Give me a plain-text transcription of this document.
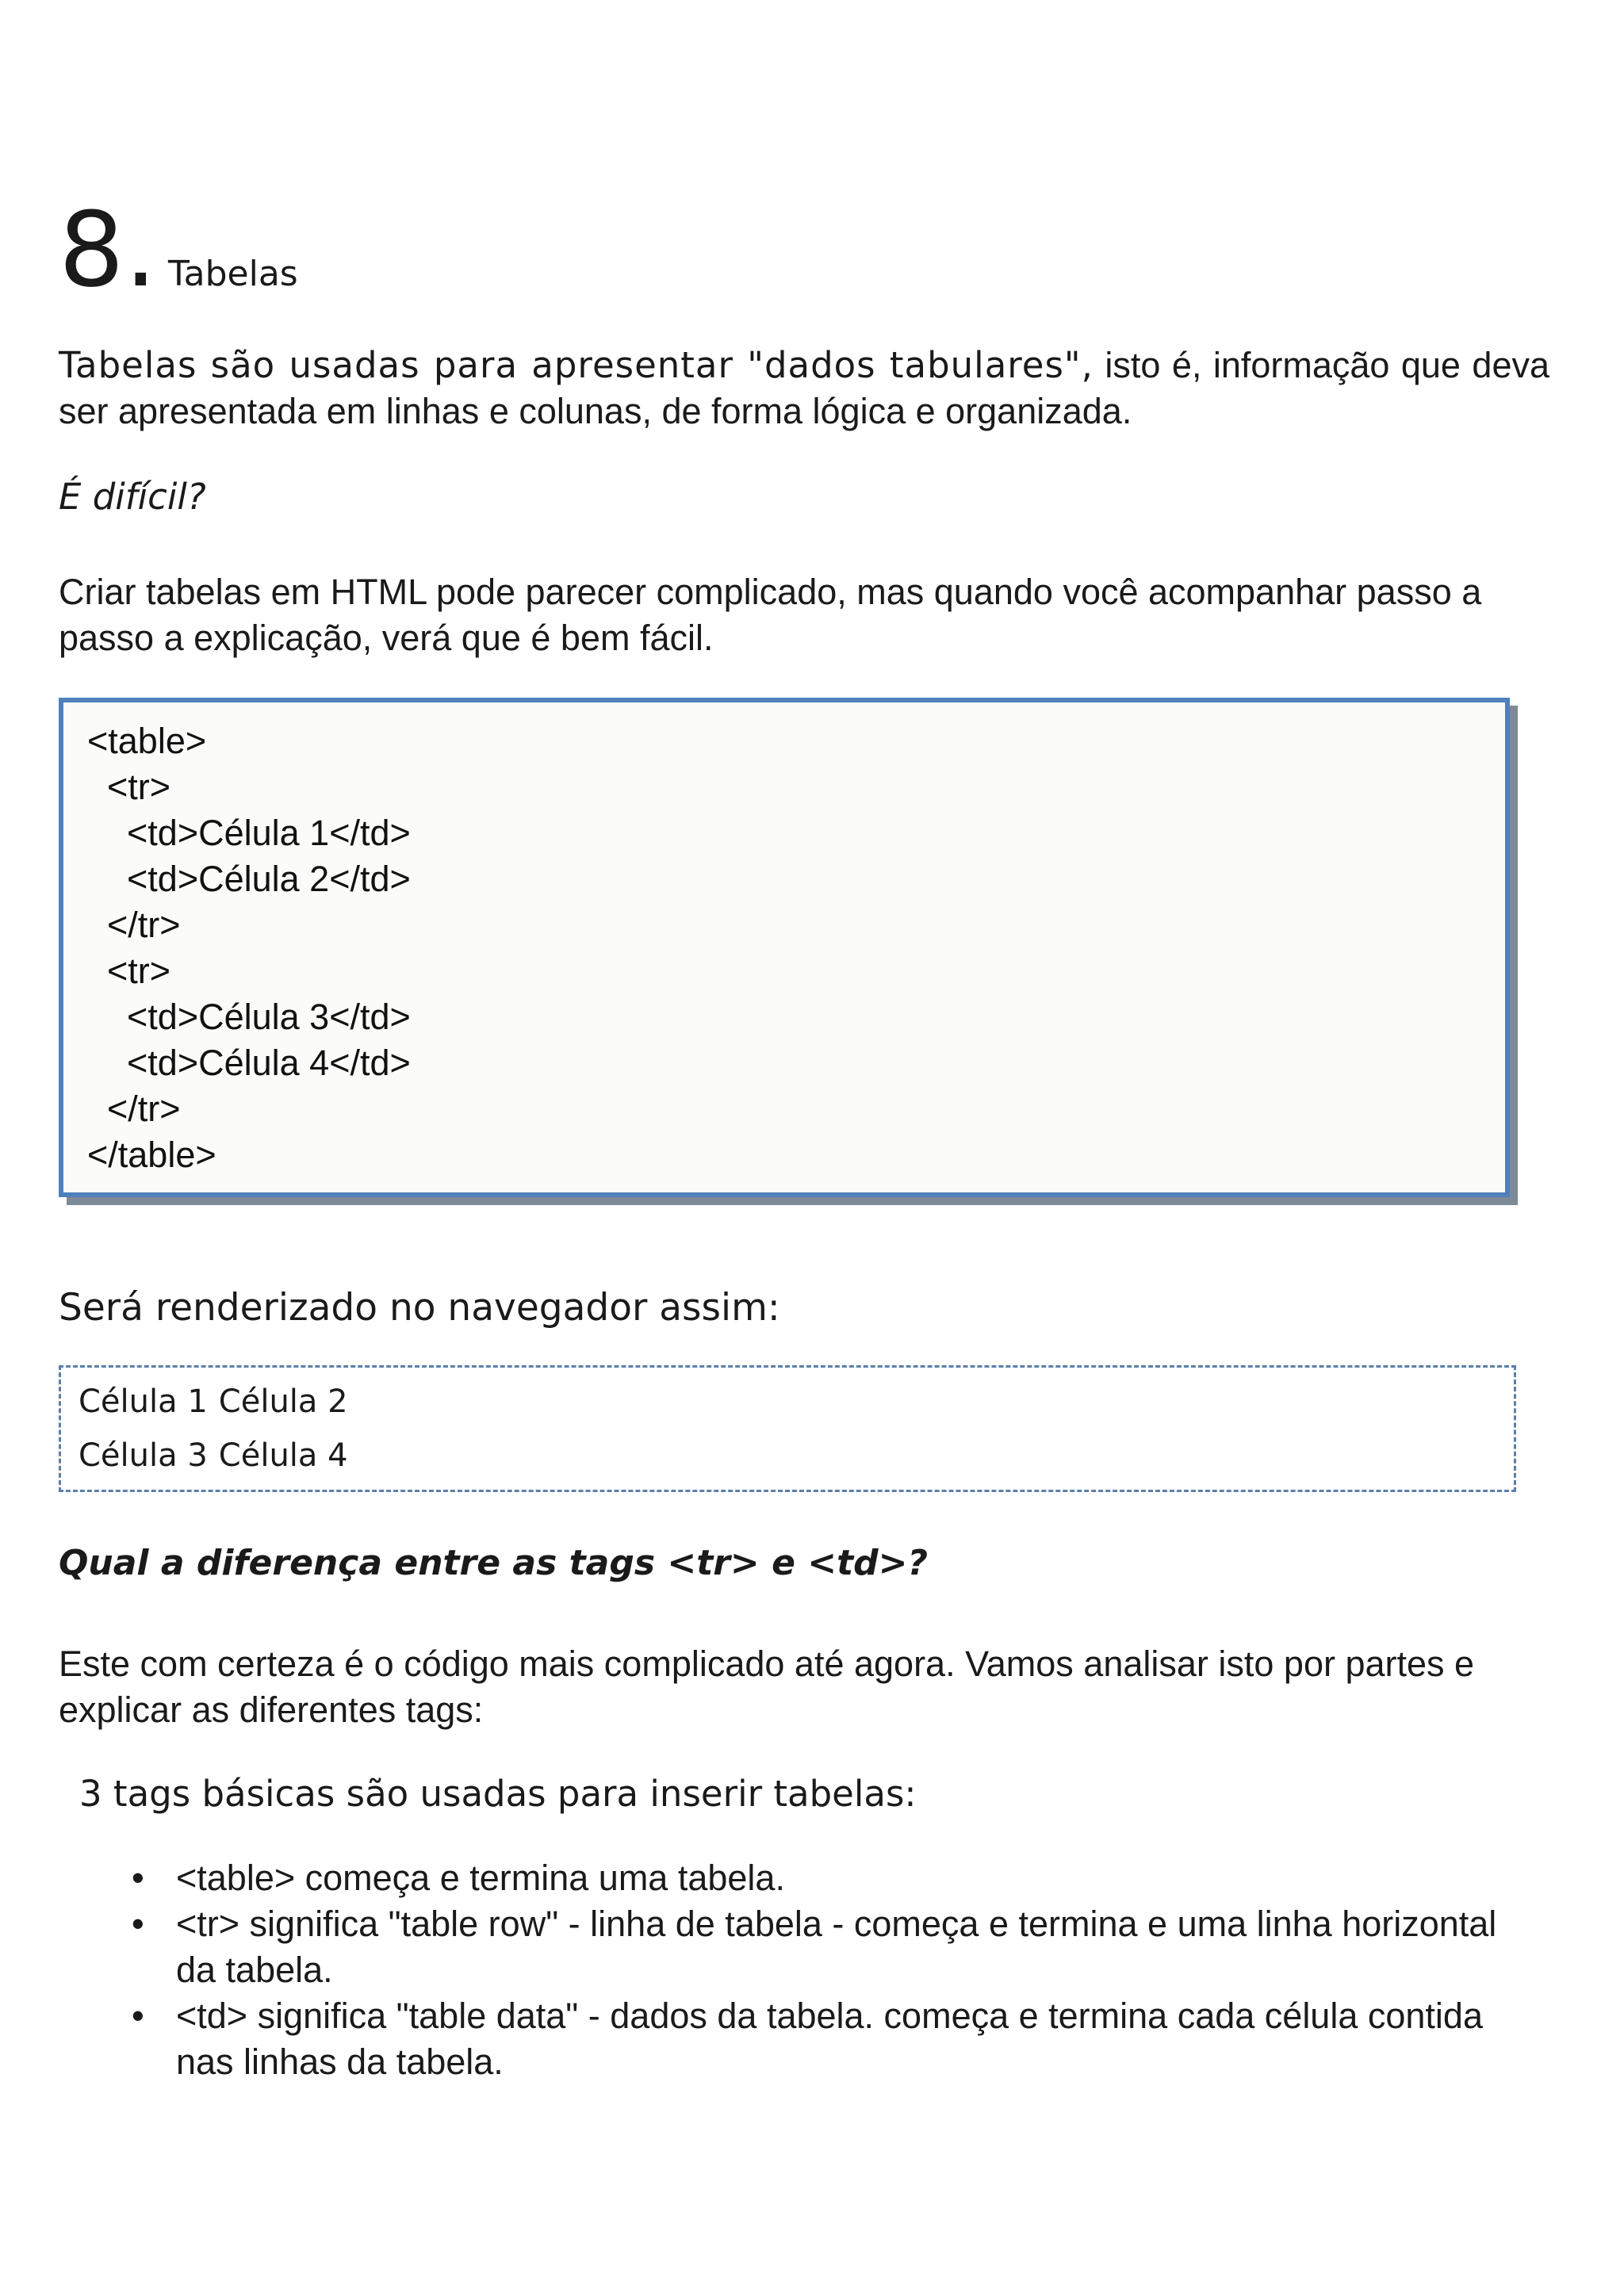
8. Tabelas

Tabelas são usadas para apresentar "dados tabulares", isto é, informação que deva ser apresentada em linhas e colunas, de forma lógica e organizada.

É difícil?

Criar tabelas em HTML pode parecer complicado, mas quando você acompanhar passo a passo a explicação, verá que é bem fácil.

<table>
<tr>
<td>Célula 1</td>
<td>Célula 2</td>
</tr>
<tr>
<td>Célula 3</td>
<td>Célula 4</td>
</tr>
</table>
Será renderizado no navegador assim:
Célula 1	Célula 2
Célula 3	Célula 4
Qual a diferença entre as tags <tr> e <td>?

Este com certeza é o código mais complicado até agora. Vamos analisar isto por partes e explicar as diferentes tags:

3 tags básicas são usadas para inserir tabelas:
• <table> começa e termina uma tabela.
• <tr> significa "table row" - linha de tabela - começa e termina e uma linha horizontal da tabela.
• <td> significa "table data" - dados da tabela. começa e termina cada célula contida nas linhas da tabela.
